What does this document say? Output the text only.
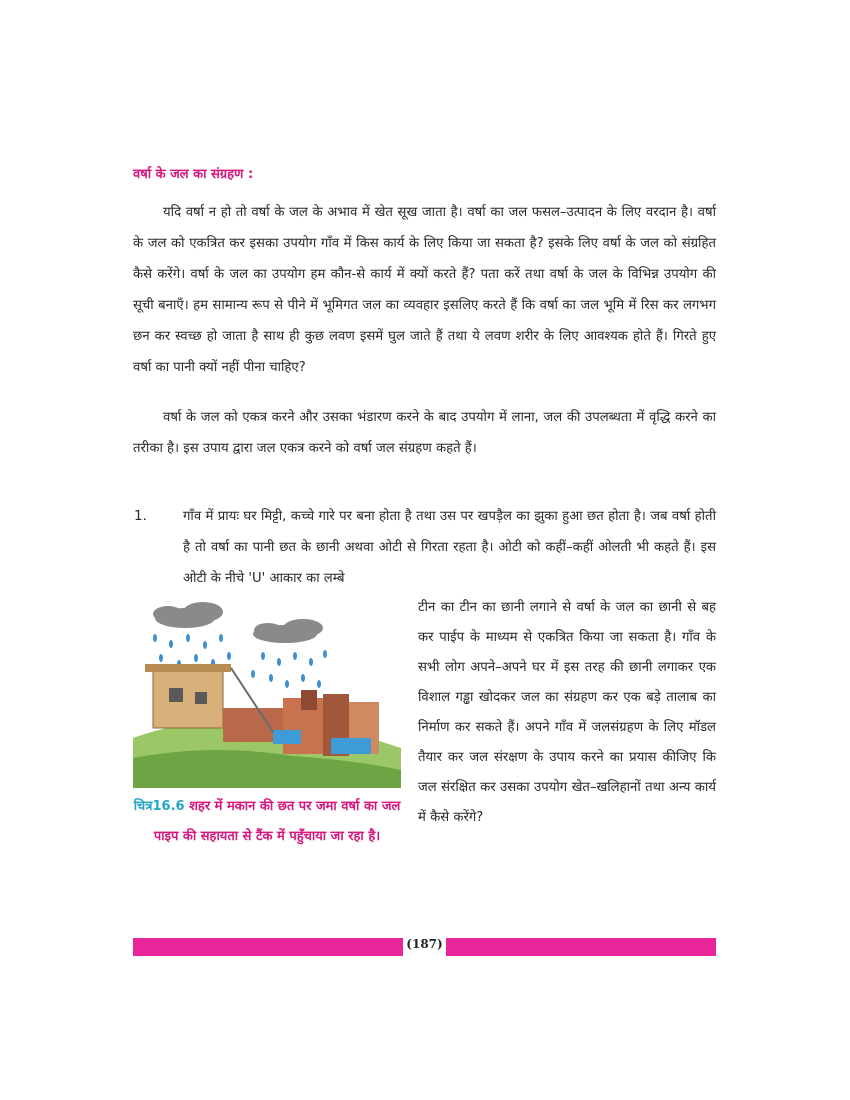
वर्षा के जल का संग्रहण :

यदि वर्षा न हो तो वर्षा के जल के अभाव में खेत सूख जाता है। वर्षा का जल फसल–उत्पादन के लिए वरदान है। वर्षा के जल को एकत्रित कर इसका उपयोग गाँव में किस कार्य के लिए किया जा सकता है? इसके लिए वर्षा के जल को संग्रहित कैसे करेंगे। वर्षा के जल का उपयोग हम कौन-से कार्य में क्यों करते हैं? पता करें तथा वर्षा के जल के विभिन्न उपयोग की सूची बनाएँ। हम सामान्य रूप से पीने में भूमिगत जल का व्यवहार इसलिए करते हैं कि वर्षा का जल भूमि में रिस कर लगभग छन कर स्वच्छ हो जाता है साथ ही कुछ लवण इसमें घुल जाते हैं तथा ये लवण शरीर के लिए आवश्यक होते हैं। गिरते हुए वर्षा का पानी क्यों नहीं पीना चाहिए?

वर्षा के जल को एकत्र करने और उसका भंडारण करने के बाद उपयोग में लाना, जल की उपलब्धता में वृद्धि करने का तरीका है। इस उपाय द्वारा जल एकत्र करने को वर्षा जल संग्रहण कहते हैं।

1.	गाँव में प्रायः घर मिट्टी, कच्चे गारे पर बना होता है तथा उस पर खपड़ैल का झुका हुआ छत होता है। जब वर्षा होती है तो वर्षा का पानी छत के छानी अथवा ओटी से गिरता रहता है। ओटी को कहीं–कहीं ओलती भी कहते हैं। इस ओटी के नीचे 'U' आकार का लम्बे

टीन का टीन का छानी लगाने से वर्षा के जल का छानी से बह कर पाईप के माध्यम से एकत्रित किया जा सकता है। गाँव के सभी लोग अपने–अपने घर में इस तरह की छानी लगाकर एक विशाल गड्ढा खोदकर जल का संग्रहण कर एक बड़े तालाब का निर्माण कर सकते हैं। अपने गाँव में जलसंग्रहण के लिए मॉडल तैयार कर जल संरक्षण के उपाय करने का प्रयास कीजिए कि जल संरक्षित कर उसका उपयोग खेत–खलिहानों तथा अन्य कार्य में कैसे करेंगे?

चित्र16.6 शहर में मकान की छत पर जमा वर्षा का जल पाइप की सहायता से टैंक में पहुँचाया जा रहा है।

(187)
